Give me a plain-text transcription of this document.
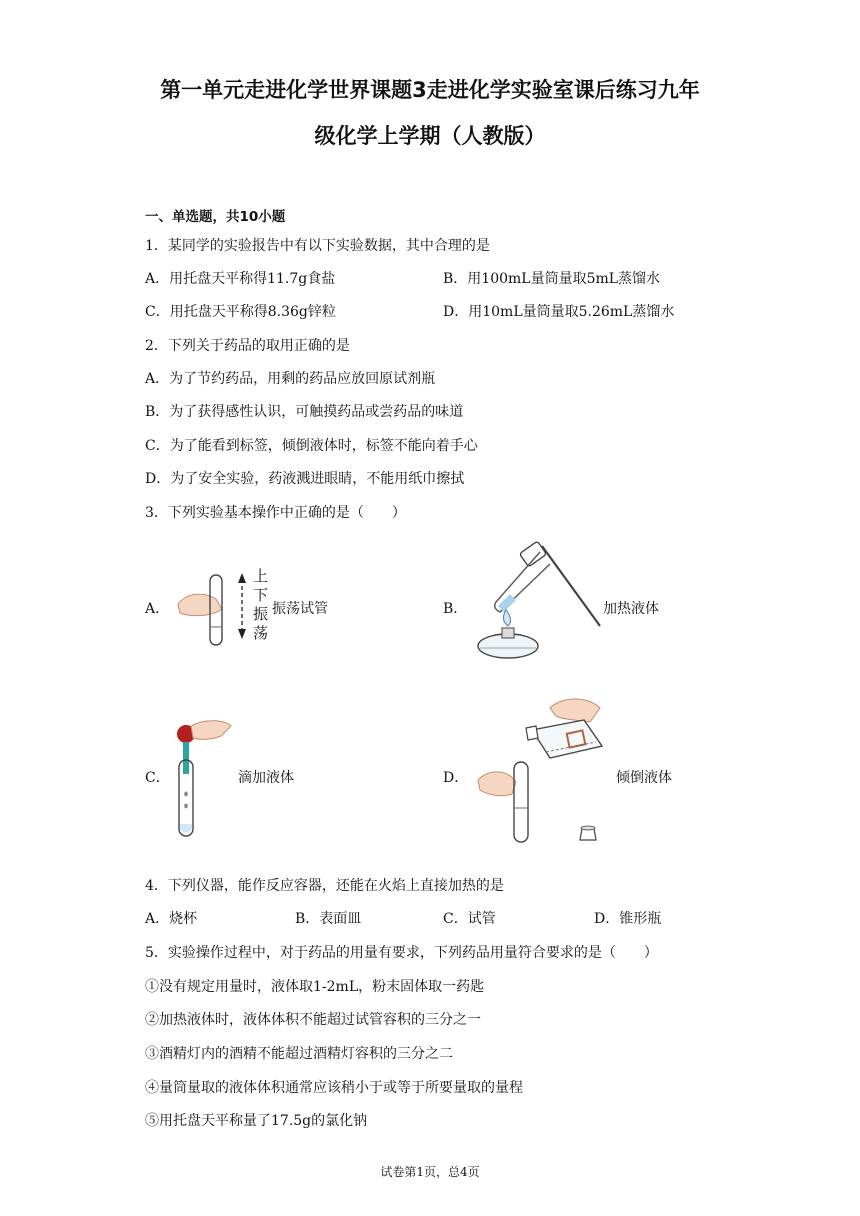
第一单元走进化学世界课题3走进化学实验室课后练习九年
级化学上学期（人教版）
一、单选题，共10小题
1．某同学的实验报告中有以下实验数据，其中合理的是
A．用托盘天平称得11.7g食盐	B．用100mL量筒量取5mL蒸馏水
C．用托盘天平称得8.36g锌粒	D．用10mL量筒量取5.26mL蒸馏水
2．下列关于药品的取用正确的是
A．为了节约药品，用剩的药品应放回原试剂瓶
B．为了获得感性认识，可触摸药品或尝药品的味道
C．为了能看到标签，倾倒液体时，标签不能向着手心
D．为了安全实验，药液溅进眼睛，不能用纸巾擦拭
3．下列实验基本操作中正确的是（　　）
A．
上
下
振
荡
振荡试管	B．	加热液体
C．	滴加液体	D．	倾倒液体
4．下列仪器，能作反应容器，还能在火焰上直接加热的是
A．烧杯	B．表面皿	C．试管	D．锥形瓶
5．实验操作过程中，对于药品的用量有要求，下列药品用量符合要求的是（　　）
①没有规定用量时，液体取1-2mL，粉末固体取一药匙
②加热液体时，液体体积不能超过试管容积的三分之一
③酒精灯内的酒精不能超过酒精灯容积的三分之二
④量筒量取的液体体积通常应该稍小于或等于所要量取的量程
⑤用托盘天平称量了17.5g的氯化钠
试卷第1页，总4页
